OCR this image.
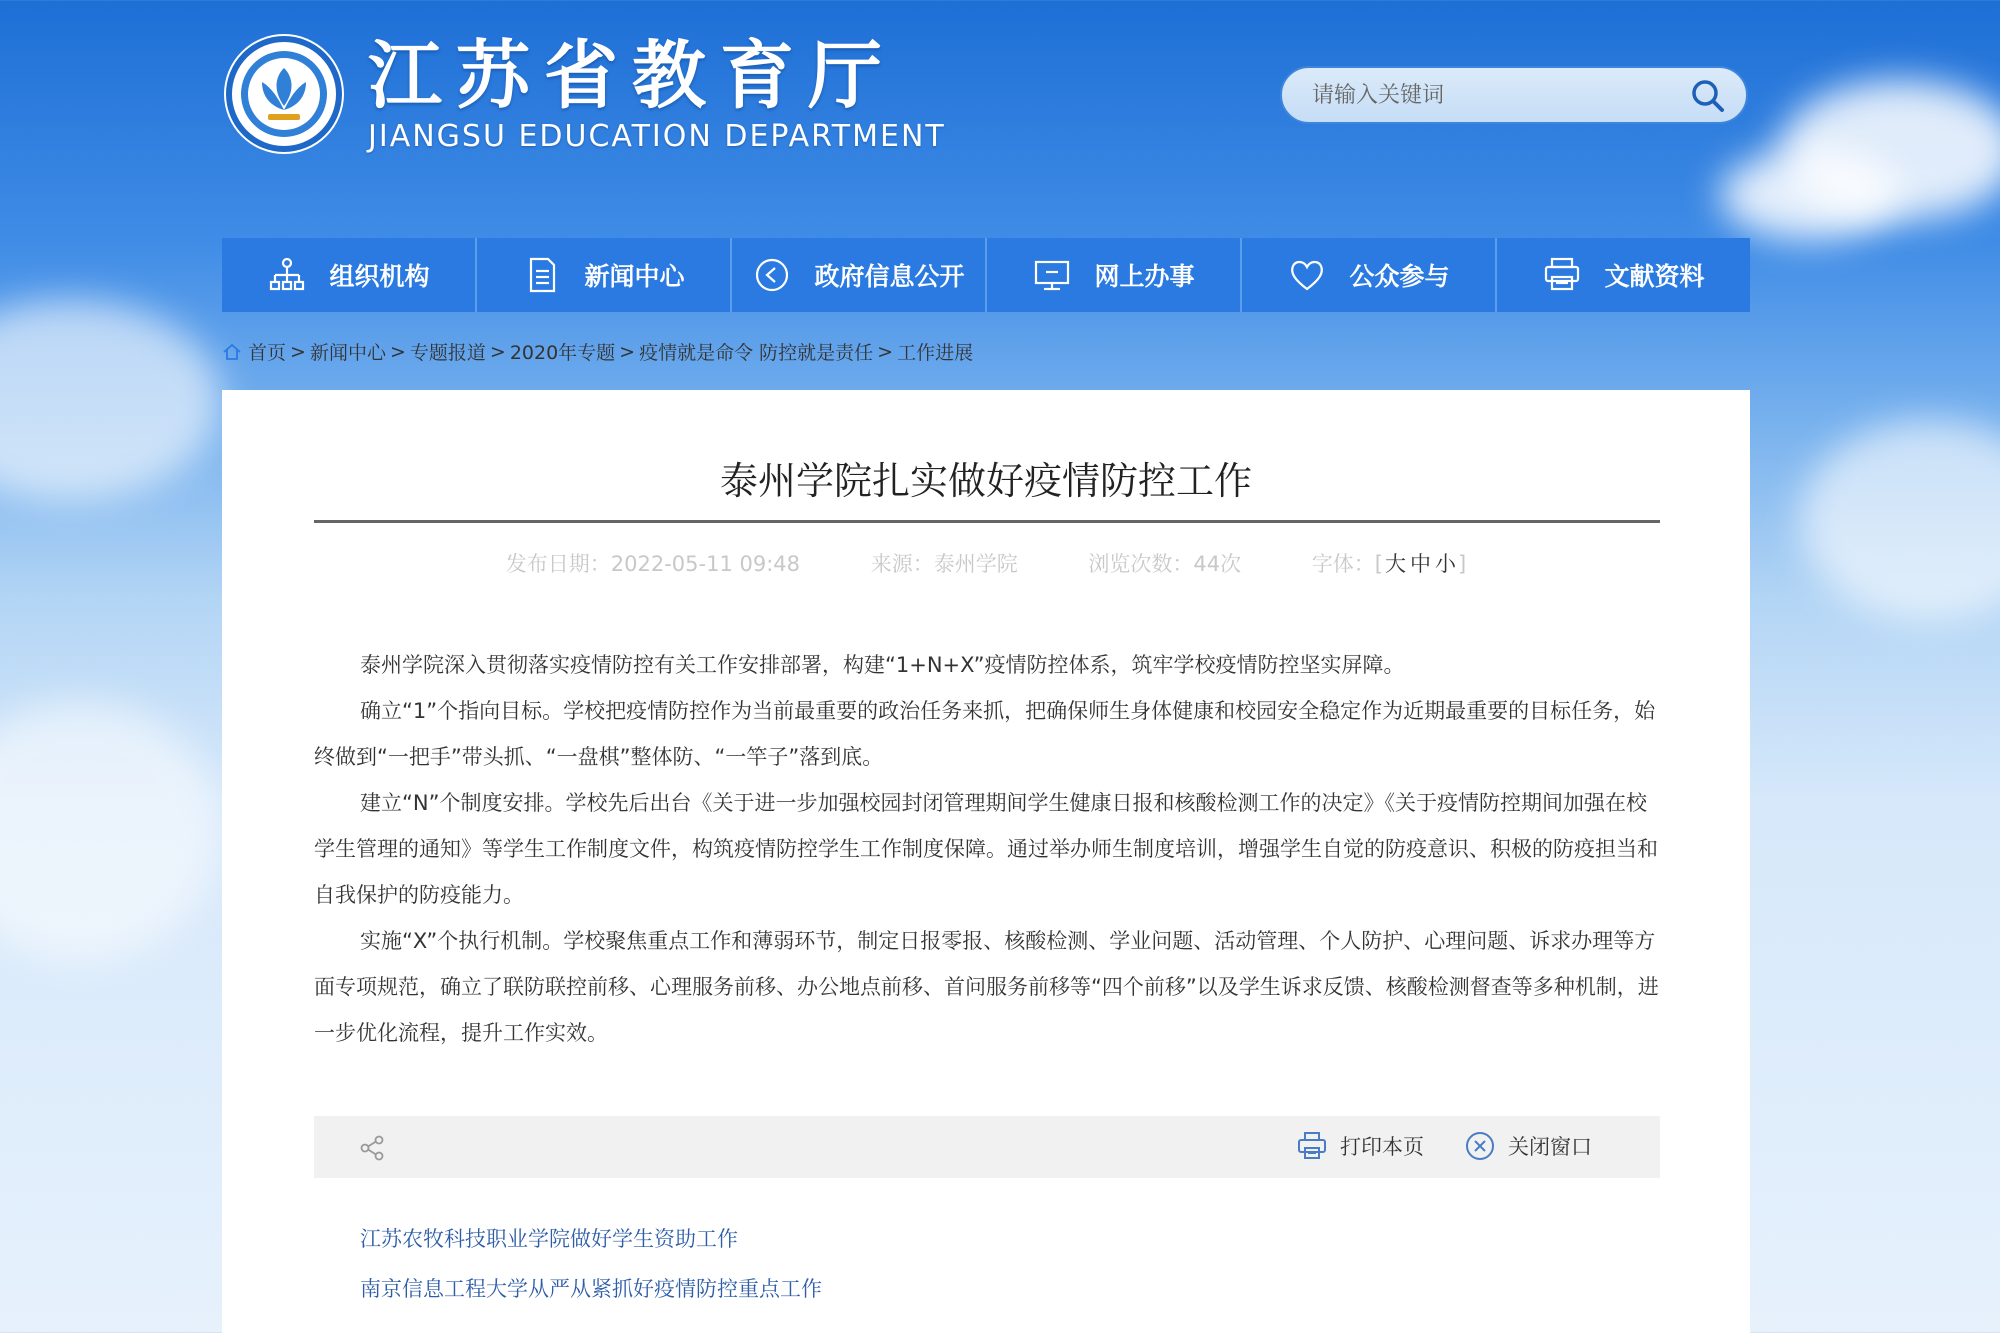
江苏省教育厅
JIANGSU EDUCATION DEPARTMENT
请输入关键词
组织机构	新闻中心	政府信息公开	网上办事	公众参与	文献资料
首页 > 新闻中心 > 专题报道 > 2020年专题 > 疫情就是命令 防控就是责任 > 工作进展
泰州学院扎实做好疫情防控工作
发布日期：2022-05-11 09:48	来源：泰州学院	浏览次数：44次	字体：[大 中 小]

泰州学院深入贯彻落实疫情防控有关工作安排部署，构建“1+N+X”疫情防控体系，筑牢学校疫情防控坚实屏障。

确立“1”个指向目标。学校把疫情防控作为当前最重要的政治任务来抓，把确保师生身体健康和校园安全稳定作为近期最重要的目标任务，始终做到“一把手”带头抓、“一盘棋”整体防、“一竿子”落到底。

建立“N”个制度安排。学校先后出台《关于进一步加强校园封闭管理期间学生健康日报和核酸检测工作的决定》《关于疫情防控期间加强在校学生管理的通知》等学生工作制度文件，构筑疫情防控学生工作制度保障。通过举办师生制度培训，增强学生自觉的防疫意识、积极的防疫担当和自我保护的防疫能力。

实施“X”个执行机制。学校聚焦重点工作和薄弱环节，制定日报零报、核酸检测、学业问题、活动管理、个人防护、心理问题、诉求办理等方面专项规范，确立了联防联控前移、心理服务前移、办公地点前移、首问服务前移等“四个前移”以及学生诉求反馈、核酸检测督查等多种机制，进一步优化流程，提升工作实效。

打印本页	关闭窗口
江苏农牧科技职业学院做好学生资助工作
南京信息工程大学从严从紧抓好疫情防控重点工作
